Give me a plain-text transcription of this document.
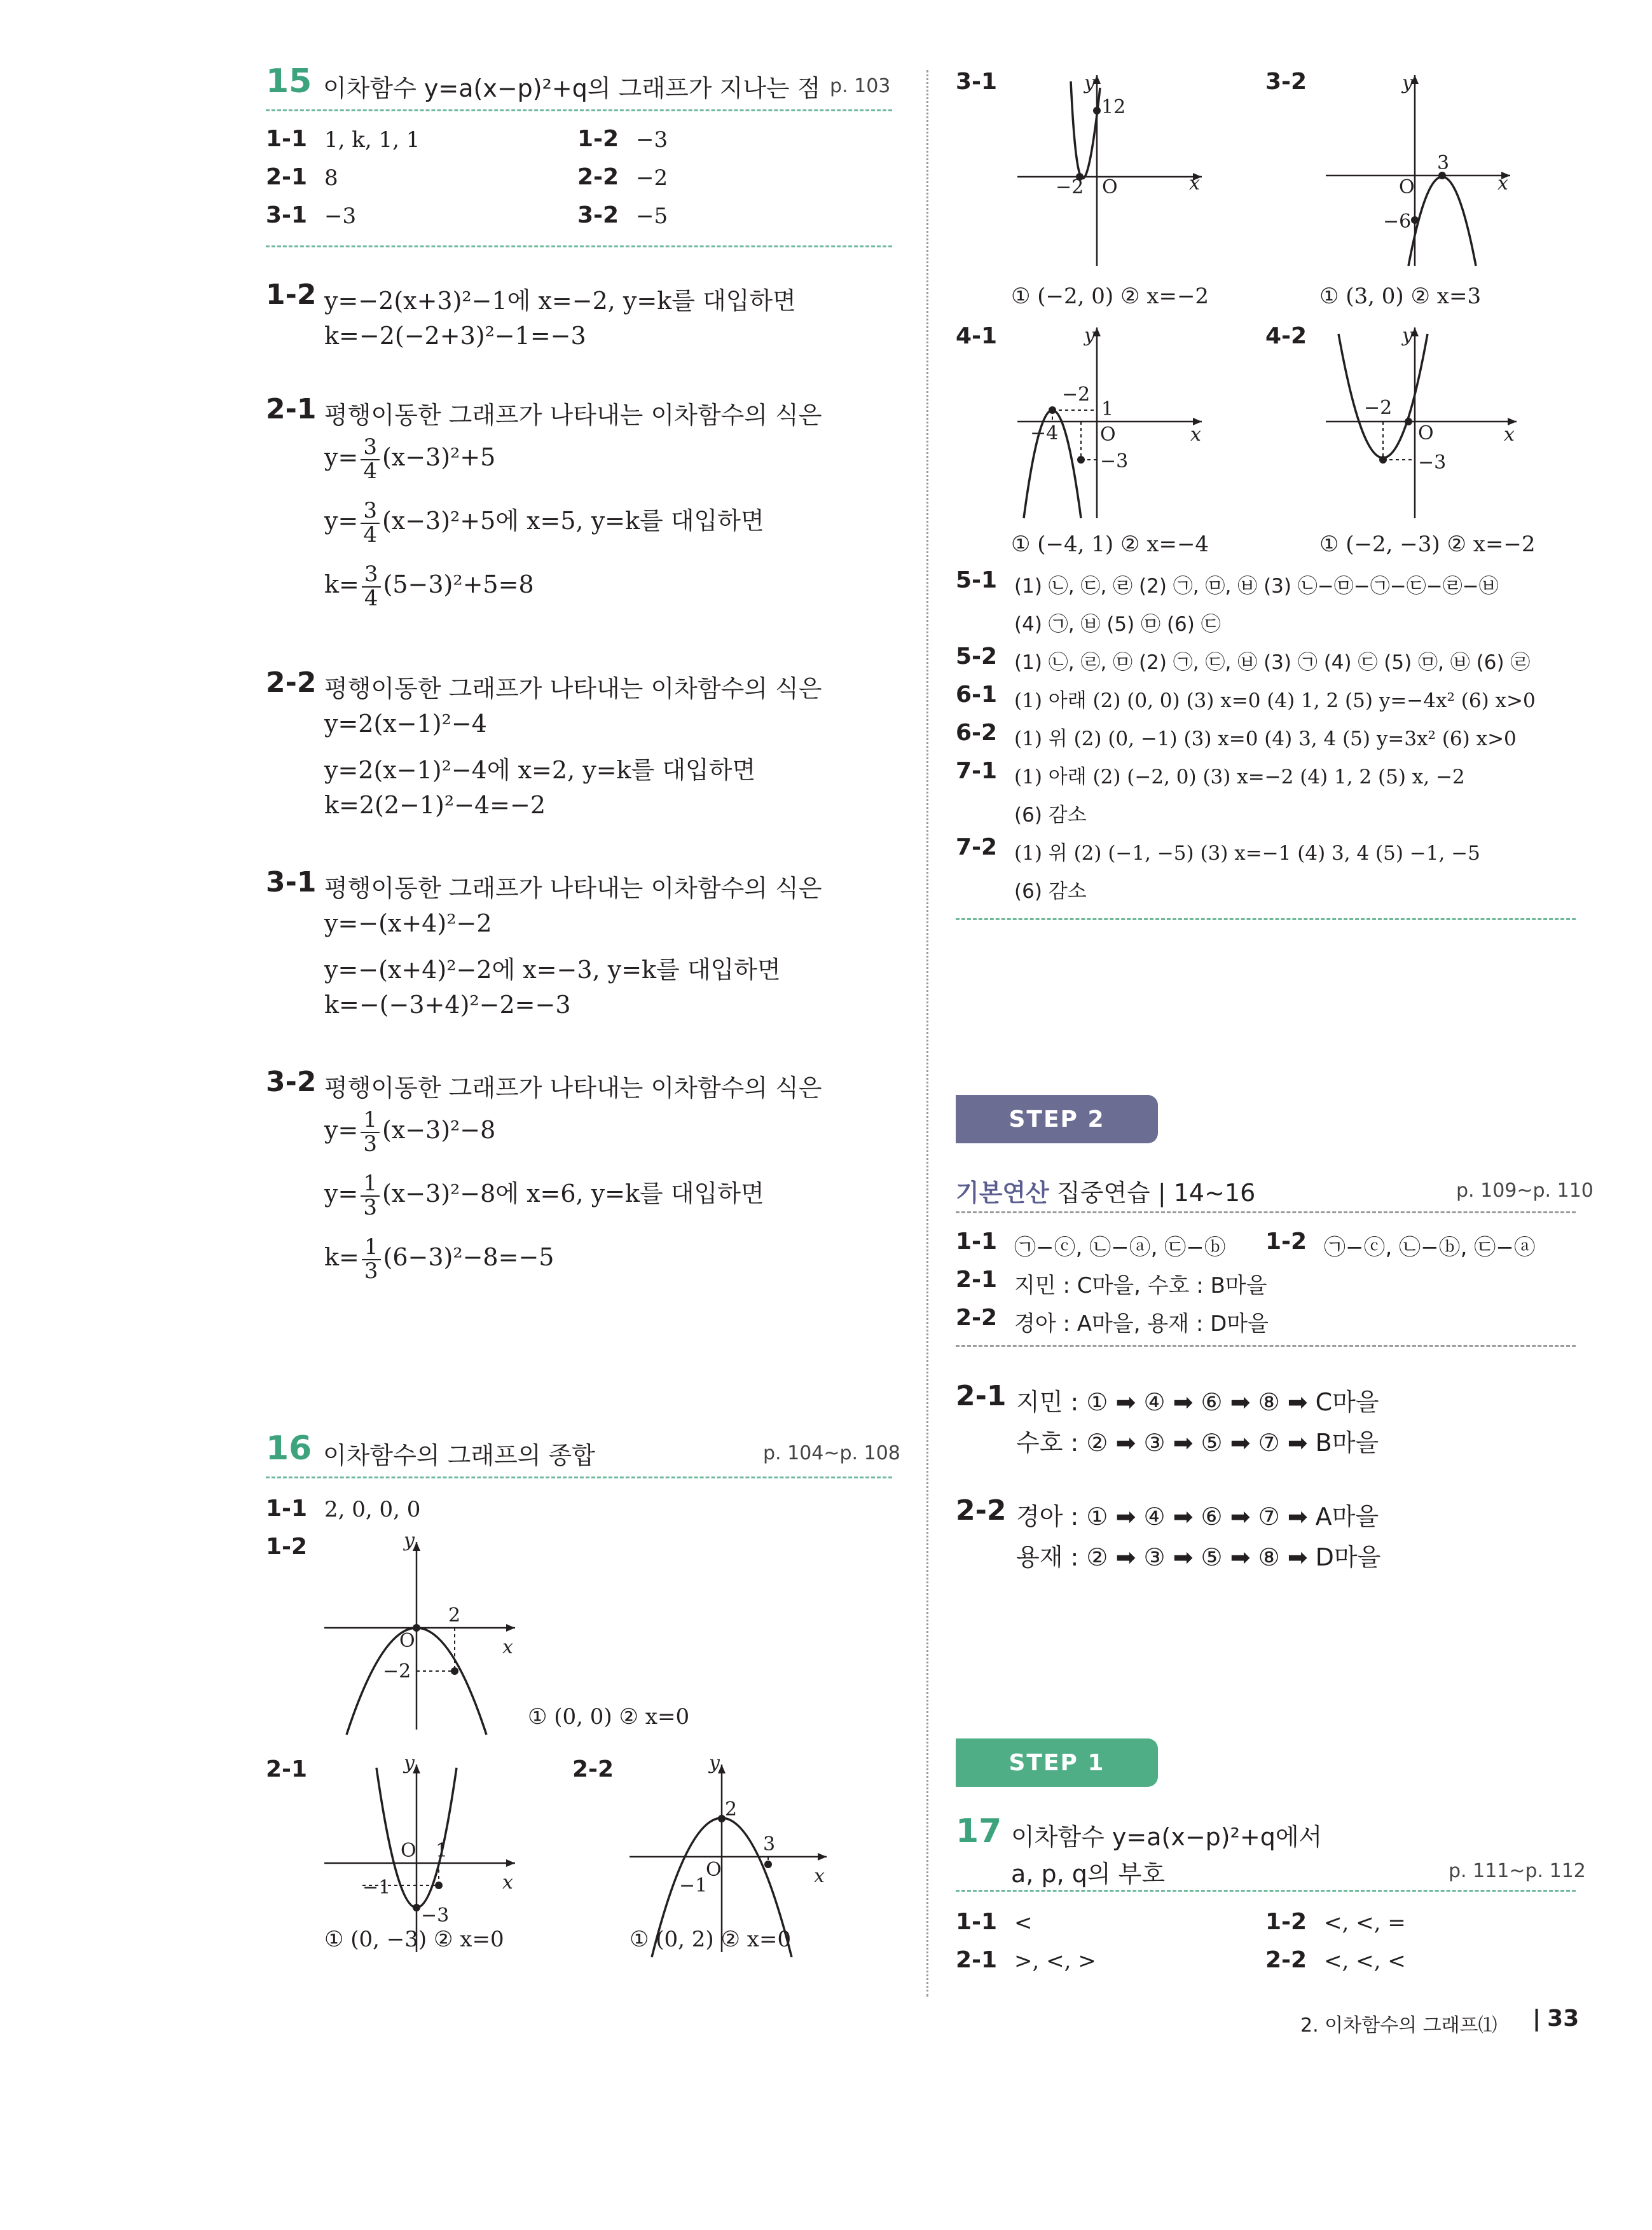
15 이차함수 y=a(x−p)²+q의 그래프가 지나는 점 p. 103
1-1 1, k, 1, 1	1-2 −3
2-1 8	2-2 −2
3-1 −3	3-2 −5
1-2 y=−2(x+3)²−1에 x=−2, y=k를 대입하면
k=−2(−2+3)²−1=−3
2-1 평행이동한 그래프가 나타내는 이차함수의 식은
$y= \frac{3}{4} (x-3)^2+5$
$y= \frac{3}{4} (x-3)^2+5$에 x=5, y=k를 대입하면
$k= \frac{3}{4} (5-3)^2+5=8$
2-2 평행이동한 그래프가 나타내는 이차함수의 식은
y=2(x−1)²−4
y=2(x−1)²−4에 x=2, y=k를 대입하면
k=2(2−1)²−4=−2
3-1 평행이동한 그래프가 나타내는 이차함수의 식은
y=−(x+4)²−2
y=−(x+4)²−2에 x=−3, y=k를 대입하면
k=−(−3+4)²−2=−3
3-2 평행이동한 그래프가 나타내는 이차함수의 식은
$y= \frac{1}{3} (x-3)^2-8$
$y= \frac{1}{3} (x-3)^2-8$에 x=6, y=k를 대입하면
$k= \frac{1}{3} (6-3)^2-8=-5$
16 이차함수의 그래프의 종합	p. 104~p. 108
1-1 2, 0, 0, 0
1-2	y
x
O
2
−2
① (0, 0) ② x=0
2-1	y
x
O 1
−1
−3
① (0, −3) ② x=0
2-2	y
x
2
O
3
−1
① (0, 2) ② x=0
3-1	y
x
12
−2 O
① (−2, 0) ② x=−2
3-2	y
x
3
O
−6
① (3, 0) ② x=3
4-1	y
x
−2
1
−4 O
−3
① (−4, 1) ② x=−4
4-2	y
x
−2
O
−3
① (−2, −3) ② x=−2
5-1 (1) ㉡, ㉢, ㉣ (2) ㉠, ㉤, ㉥ (3) ㉡−㉤−㉠−㉢−㉣−㉥
(4) ㉠, ㉥ (5) ㉤ (6) ㉢
5-2 (1) ㉡, ㉣, ㉤ (2) ㉠, ㉢, ㉥ (3) ㉠ (4) ㉢ (5) ㉤, ㉥ (6) ㉣
6-1 (1) 아래 (2) (0, 0) (3) x=0 (4) 1, 2 (5) y=−4x² (6) x>0
6-2 (1) 위 (2) (0, −1) (3) x=0 (4) 3, 4 (5) y=3x² (6) x>0
7-1 (1) 아래 (2) (−2, 0) (3) x=−2 (4) 1, 2 (5) x, −2
(6) 감소
7-2 (1) 위 (2) (−1, −5) (3) x=−1 (4) 3, 4 (5) −1, −5
(6) 감소
STEP 2
기본연산 집중연습 | 14~16	p. 109~p. 110
1-1 ㉠−ⓒ, ㉡−ⓐ, ㉢−ⓑ 1-2 ㉠−ⓒ, ㉡−ⓑ, ㉢−ⓐ
2-1 지민 : C마을, 수호 : B마을
2-2 경아 : A마을, 용재 : D마을
2-1 지민 : ① ➡ ④ ➡ ⑥ ➡ ⑧ ➡ C마을
수호 : ② ➡ ③ ➡ ⑤ ➡ ⑦ ➡ B마을
2-2 경아 : ① ➡ ④ ➡ ⑥ ➡ ⑦ ➡ A마을
용재 : ② ➡ ③ ➡ ⑤ ➡ ⑧ ➡ D마을
STEP 1
17 이차함수 y=a(x−p)²+q에서
a, p, q의 부호	p. 111~p. 112
1-1 <	1-2 <, <, =
2-1 >, <, >	2-2 <, <, <
2. 이차함수의 그래프⑴ | 33
